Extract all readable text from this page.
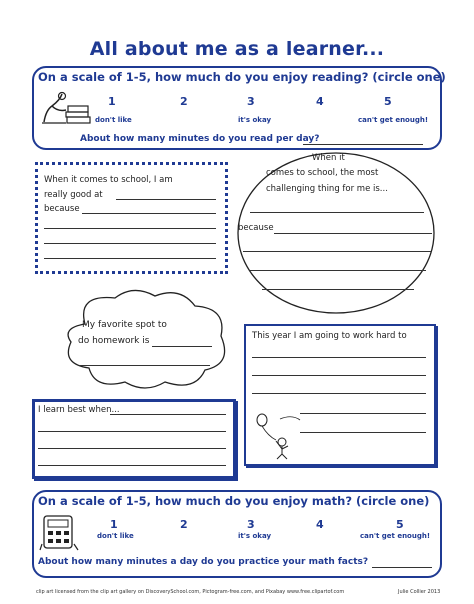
All about me as a learner...
On a scale of 1-5, how much do you enjoy reading? (circle one)
1	2	3	4	5
don't like	it's okay	can't get enough!
About how many minutes do you read per day?
When it comes to school, I am
really good at
because
When it
comes to school, the most
challenging thing for me is...
because
My favorite spot to
do homework is	This year I am going to work hard to
I learn best when...
On a scale of 1-5, how much do you enjoy math? (circle one)
1	2	3	4	5
don't like	it's okay	can't get enough!
About how many minutes a day do you practice your math facts?
clip art licensed from the clip art gallery on DiscoverySchool.com, Pictogram-free.com, and Pixabay www.free.clipartof.com	Julie Collier 2013
